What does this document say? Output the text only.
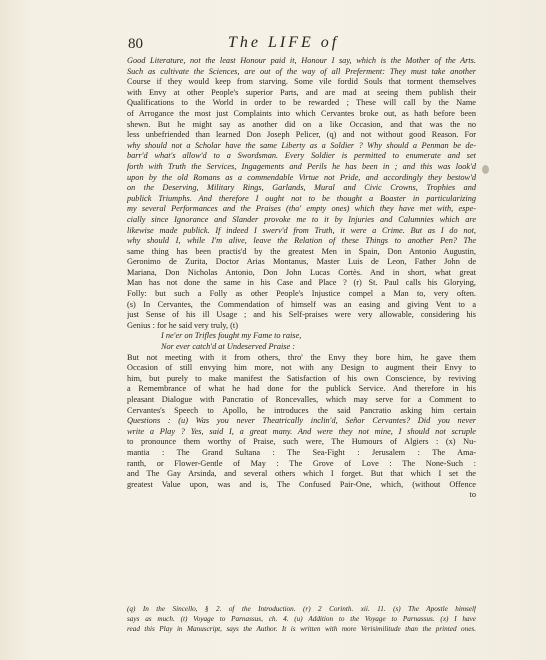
80	The LIFE of
Good Literature, not the least Honour paid it, Honour I say, which is the Mother of the Arts.
Such as cultivate the Sciences, are out of the way of all Preferment: They must take another
Course if they would keep from starving. Some vile fordid Souls that torment themselves
with Envy at other People's superior Parts, and are mad at seeing them publish their
Qualifications to the World in order to be rewarded ; These will call by the Name
of Arrogance the most just Complaints into which Cervantes broke out, as hath before been
shewn. But he might say as another did on a like Occasion, and that was the no
less unbefriended than learned Don Joseph Pelicer, (q) and not without good Reason. For
why should not a Scholar have the same Liberty as a Soldier ? Why should a Penman be de-
barr'd what's allow'd to a Swordsman. Every Soldier is permitted to enumerate and set
forth with Truth the Services, Ingagements and Perils he has been in ; and this was look'd
upon by the old Romans as a commendable Virtue not Pride, and accordingly they bestow'd
on the Deserving, Military Rings, Garlands, Mural and Civic Crowns, Trophies and
publick Triumphs. And therefore I ought not to be thought a Boaster in particularizing
my several Performances and the Praises (tho' empty ones) which they have met with, espe-
cially since Ignorance and Slander provoke me to it by Injuries and Calumnies which are
likewise made publick. If indeed I swerv'd from Truth, it were a Crime. But as I do not,
why should I, while I'm alive, leave the Relation of these Things to another Pen? The
same thing has been practis'd by the greatest Men in Spain, Don Antonio Augustin,
Geronimo de Zurita, Doctor Arias Montanus, Master Luis de Leon, Father John de
Mariana, Don Nicholas Antonio, Don John Lucas Cortès. And in short, what great
Man has not done the same in his Case and Place ? (r) St. Paul calls his Glorying,
Folly: but such a Folly as other People's Injustice compel a Man to, very often.
(s) In Cervantes, the Commendation of himself was an easing and giving Vent to a
just Sense of his ill Usage ; and his Self-praises were very allowable, considering his
Genius : for he said very truly, (t)
I ne'er on Trifles fought my Fame to raise,
Nor ever catch'd at Undeserved Praise :
But not meeting with it from others, thro' the Envy they bore him, he gave them
Occasion of still envying him more, not with any Design to augment their Envy to
him, but purely to make manifest the Satisfaction of his own Conscience, by reviving
a Remembrance of what he had done for the publick Service. And therefore in his
pleasant Dialogue with Pancratio of Roncevalles, which may serve for a Comment to
Cervantes's Speech to Apollo, he introduces the said Pancratio asking him certain
Questions : (u) Was you never Theatrically inclin'd, Señor Cervantes? Did you never
write a Play ? Yes, said I, a great many. And were they not mine, I should not scruple
to pronounce them worthy of Praise, such were, The Humours of Algiers : (x) Nu-
mantia : The Grand Sultana : The Sea-Fight : Jerusalem : The Ama-
ranth, or Flower-Gentle of May : The Grove of Love : The None-Such :
and The Gay Arsinda, and several others which I forget. But that which I set the
greatest Value upon, was and is, The Confused Pair-One, which, (without Offence
to
(q) In the Sincello, § 2. of the Introduction. (r) 2 Corinth. xii. 11. (s) The Apostle himself
says as much. (t) Voyage to Parnassus, ch. 4. (u) Addition to the Voyage to Parnassus. (x) I have
read this Play in Manuscript, says the Author. It is written with more Verisimilitude than the printed ones.
